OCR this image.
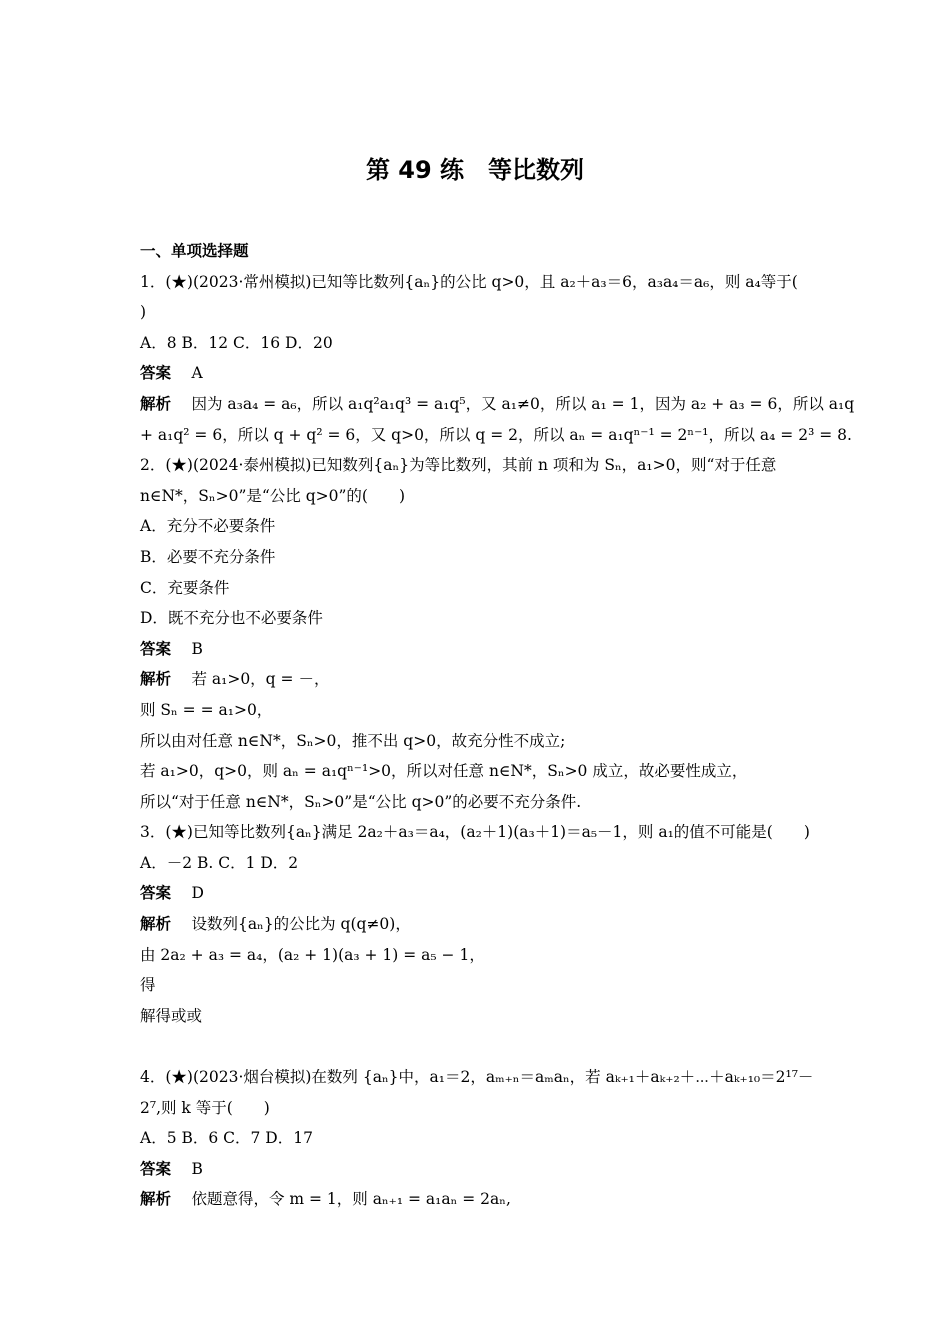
第 49 练　等比数列
一、单项选择题
1．(★)(2023·常州模拟)已知等比数列{aₙ}的公比 q>0，且 a₂＋a₃＝6，a₃a₄＝a₆，则 a₄等于(
)
A．8 B．12 C．16 D．20
答案　 A
解析　 因为 a₃a₄ = a₆，所以 a₁q²a₁q³ = a₁q⁵，又 a₁≠0，所以 a₁ = 1，因为 a₂ + a₃ = 6，所以 a₁q
+ a₁q² = 6，所以 q + q² = 6，又 q>0，所以 q = 2，所以 aₙ = a₁qⁿ⁻¹ = 2ⁿ⁻¹，所以 a₄ = 2³ = 8.
2．(★)(2024·泰州模拟)已知数列{aₙ}为等比数列，其前 n 项和为 Sₙ，a₁>0，则“对于任意
n∈N*，Sₙ>0”是“公比 q>0”的(　　)
A．充分不必要条件
B．必要不充分条件
C．充要条件
D．既不充分也不必要条件
答案　 B
解析　 若 a₁>0，q = －，
则 Sₙ = = a₁>0，
所以由对任意 n∈N*，Sₙ>0，推不出 q>0，故充分性不成立;
若 a₁>0，q>0，则 aₙ = a₁qⁿ⁻¹>0，所以对任意 n∈N*，Sₙ>0 成立，故必要性成立，
所以“对于任意 n∈N*，Sₙ>0”是“公比 q>0”的必要不充分条件.
3．(★)已知等比数列{aₙ}满足 2a₂＋a₃＝a₄，(a₂＋1)(a₃＋1)＝a₅－1，则 a₁的值不可能是(　　)
A．－2 B. C．1 D．2
答案　 D
解析　 设数列{aₙ}的公比为 q(q≠0)，
由 2a₂ + a₃ = a₄，(a₂ + 1)(a₃ + 1) = a₅ − 1，
得
解得或或
4．(★)(2023·烟台模拟)在数列 {aₙ}中，a₁＝2，aₘ₊ₙ＝aₘaₙ，若 aₖ₊₁＋aₖ₊₂＋⋯＋aₖ₊₁₀＝2¹⁷－
2⁷,则 k 等于(　　)
A．5 B．6 C．7 D．17
答案　 B
解析　 依题意得，令 m = 1，则 aₙ₊₁ = a₁aₙ = 2aₙ,
